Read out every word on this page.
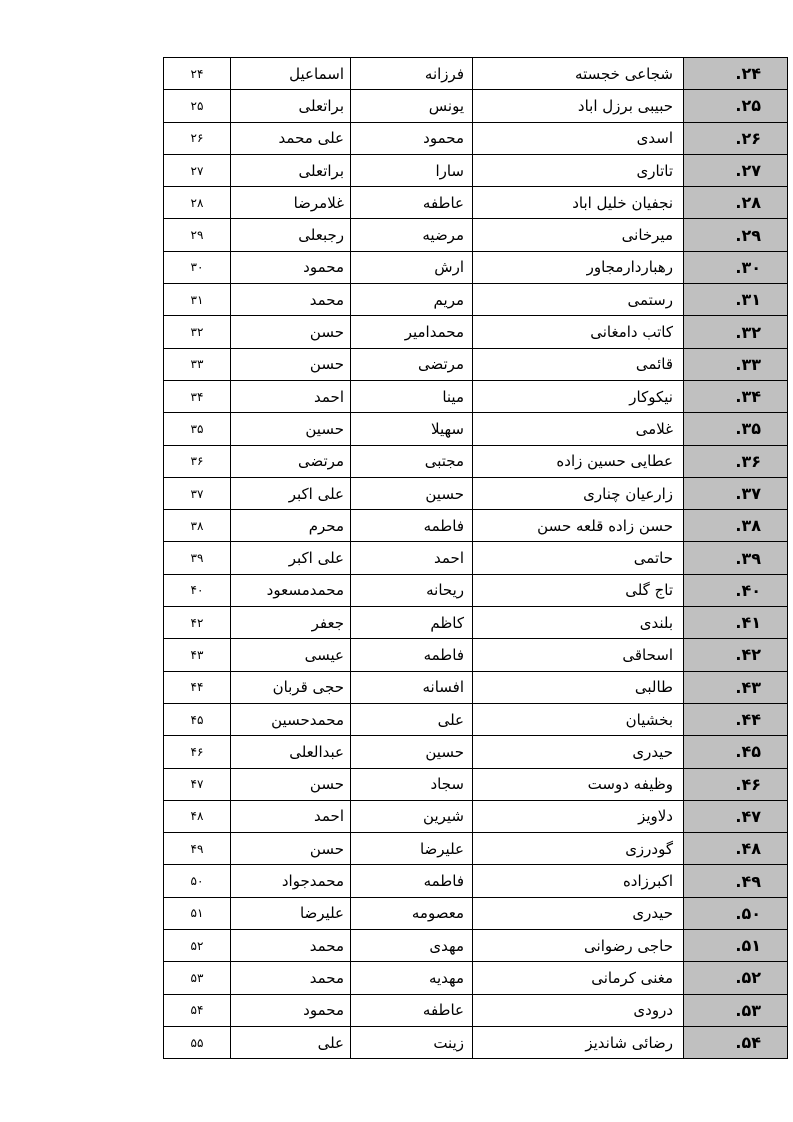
۲۴.	شجاعی خجسته	فرزانه	اسماعیل	۲۴
۲۵.	حبیبی برزل اباد	یونس	براتعلی	۲۵
۲۶.	اسدی	محمود	علی محمد	۲۶
۲۷.	تاتاری	سارا	براتعلی	۲۷
۲۸.	نجفیان خلیل اباد	عاطفه	غلامرضا	۲۸
۲۹.	میرخانی	مرضیه	رجبعلی	۲۹
۳۰.	رهباردارمجاور	ارش	محمود	۳۰
۳۱.	رستمی	مریم	محمد	۳۱
۳۲.	کاتب دامغانی	محمدامیر	حسن	۳۲
۳۳.	قائمی	مرتضی	حسن	۳۳
۳۴.	نیکوکار	مینا	احمد	۳۴
۳۵.	غلامی	سهیلا	حسین	۳۵
۳۶.	عطایی حسین زاده	مجتبی	مرتضی	۳۶
۳۷.	زارعیان چناری	حسین	علی اکبر	۳۷
۳۸.	حسن زاده قلعه حسن	فاطمه	محرم	۳۸
۳۹.	حاتمی	احمد	علی اکبر	۳۹
۴۰.	تاج گلی	ریحانه	محمدمسعود	۴۰
۴۱.	بلندی	کاظم	جعفر	۴۲
۴۲.	اسحاقی	فاطمه	عیسی	۴۳
۴۳.	طالبی	افسانه	حجی قربان	۴۴
۴۴.	بخشیان	علی	محمدحسین	۴۵
۴۵.	حیدری	حسین	عبدالعلی	۴۶
۴۶.	وظیفه دوست	سجاد	حسن	۴۷
۴۷.	دلاویز	شیرین	احمد	۴۸
۴۸.	گودرزی	علیرضا	حسن	۴۹
۴۹.	اکبرزاده	فاطمه	محمدجواد	۵۰
۵۰.	حیدری	معصومه	علیرضا	۵۱
۵۱.	حاجی رضوانی	مهدی	محمد	۵۲
۵۲.	مغنی کرمانی	مهدیه	محمد	۵۳
۵۳.	درودی	عاطفه	محمود	۵۴
۵۴.	رضائی شاندیز	زینت	علی	۵۵
